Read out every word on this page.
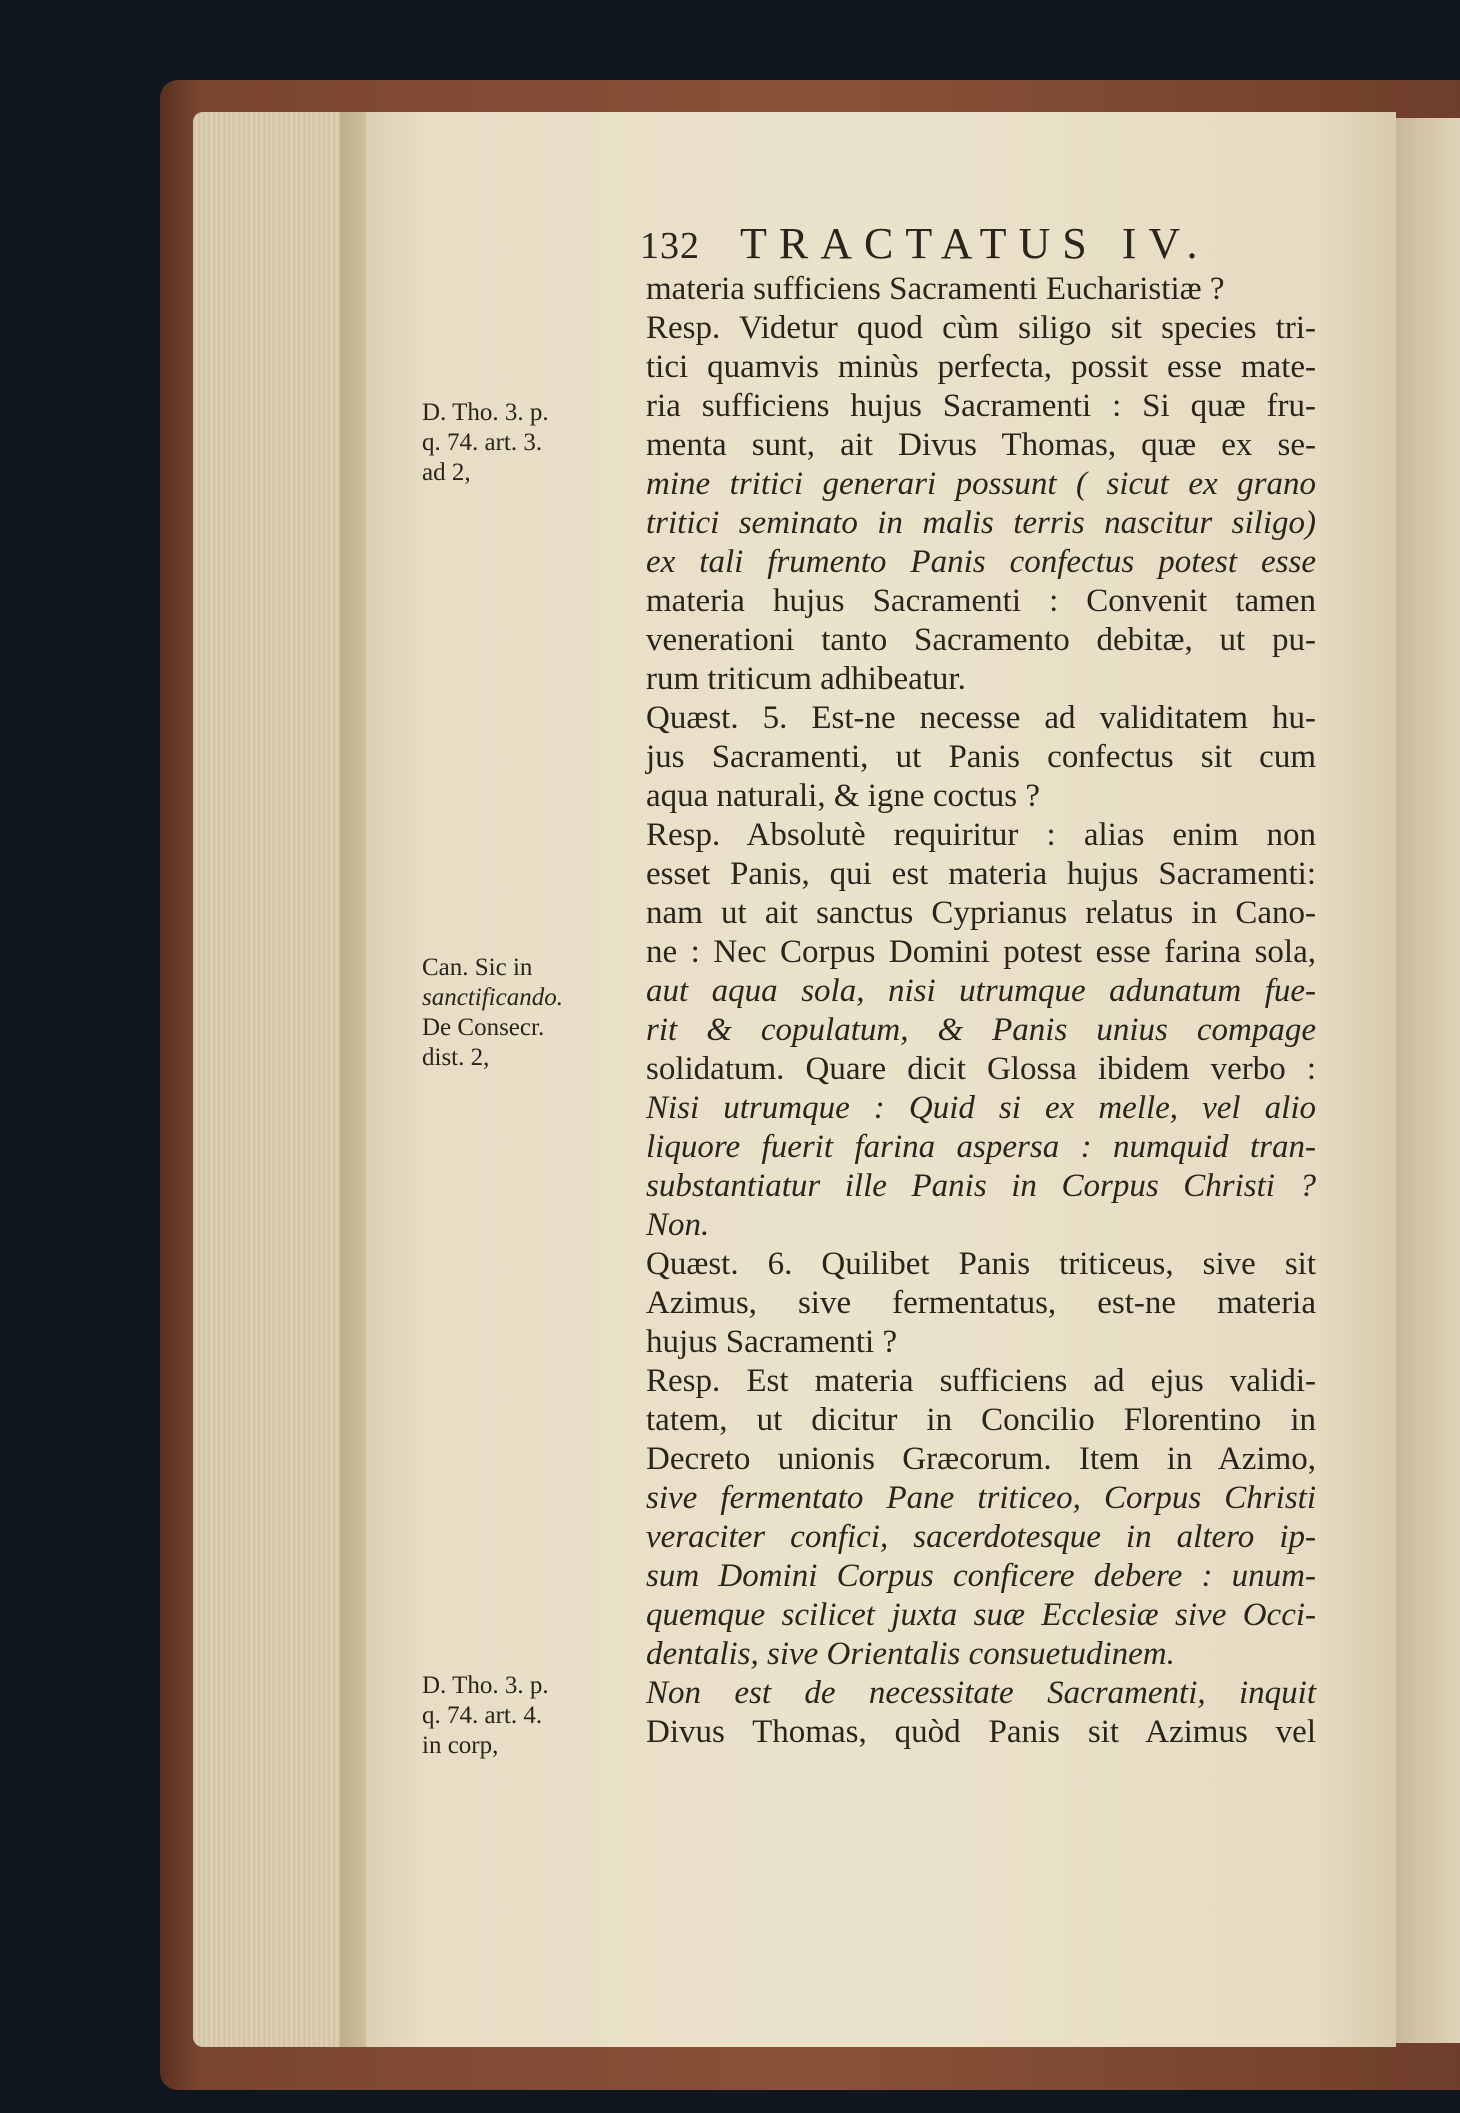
132 TRACTATUS IV.
materia sufficiens Sacramenti Eucharistiæ ?
Resp. Videtur quod cùm siligo sit species tri-
tici quamvis minùs perfecta, possit esse mate-
ria sufficiens hujus Sacramenti : Si quæ fru-
menta sunt, ait Divus Thomas, quæ ex se-
mine tritici generari possunt ( sicut ex grano
tritici seminato in malis terris nascitur siligo)
ex tali frumento Panis confectus potest esse
materia hujus Sacramenti : Convenit tamen
venerationi tanto Sacramento debitæ, ut pu-
rum triticum adhibeatur.
Quæst. 5. Est-ne necesse ad validitatem hu-
jus Sacramenti, ut Panis confectus sit cum
aqua naturali, & igne coctus ?
Resp. Absolutè requiritur : alias enim non
esset Panis, qui est materia hujus Sacramenti:
nam ut ait sanctus Cyprianus relatus in Cano-
ne : Nec Corpus Domini potest esse farina sola,
aut aqua sola, nisi utrumque adunatum fue-
rit & copulatum, & Panis unius compage
solidatum. Quare dicit Glossa ibidem verbo :
Nisi utrumque : Quid si ex melle, vel alio
liquore fuerit farina aspersa : numquid tran-
substantiatur ille Panis in Corpus Christi ?
Non.
Quæst. 6. Quilibet Panis triticeus, sive sit
Azimus, sive fermentatus, est-ne materia
hujus Sacramenti ?
Resp. Est materia sufficiens ad ejus validi-
tatem, ut dicitur in Concilio Florentino in
Decreto unionis Græcorum. Item in Azimo,
sive fermentato Pane triticeo, Corpus Christi
veraciter confici, sacerdotesque in altero ip-
sum Domini Corpus conficere debere : unum-
quemque scilicet juxta suæ Ecclesiæ sive Occi-
dentalis, sive Orientalis consuetudinem.
Non est de necessitate Sacramenti, inquit
Divus Thomas, quòd Panis sit Azimus vel
D. Tho. 3. p.
q. 74. art. 3.
ad 2,
Can. Sic in
sanctificando.
De Consecr.
dist. 2,
D. Tho. 3. p.
q. 74. art. 4.
in corp,
